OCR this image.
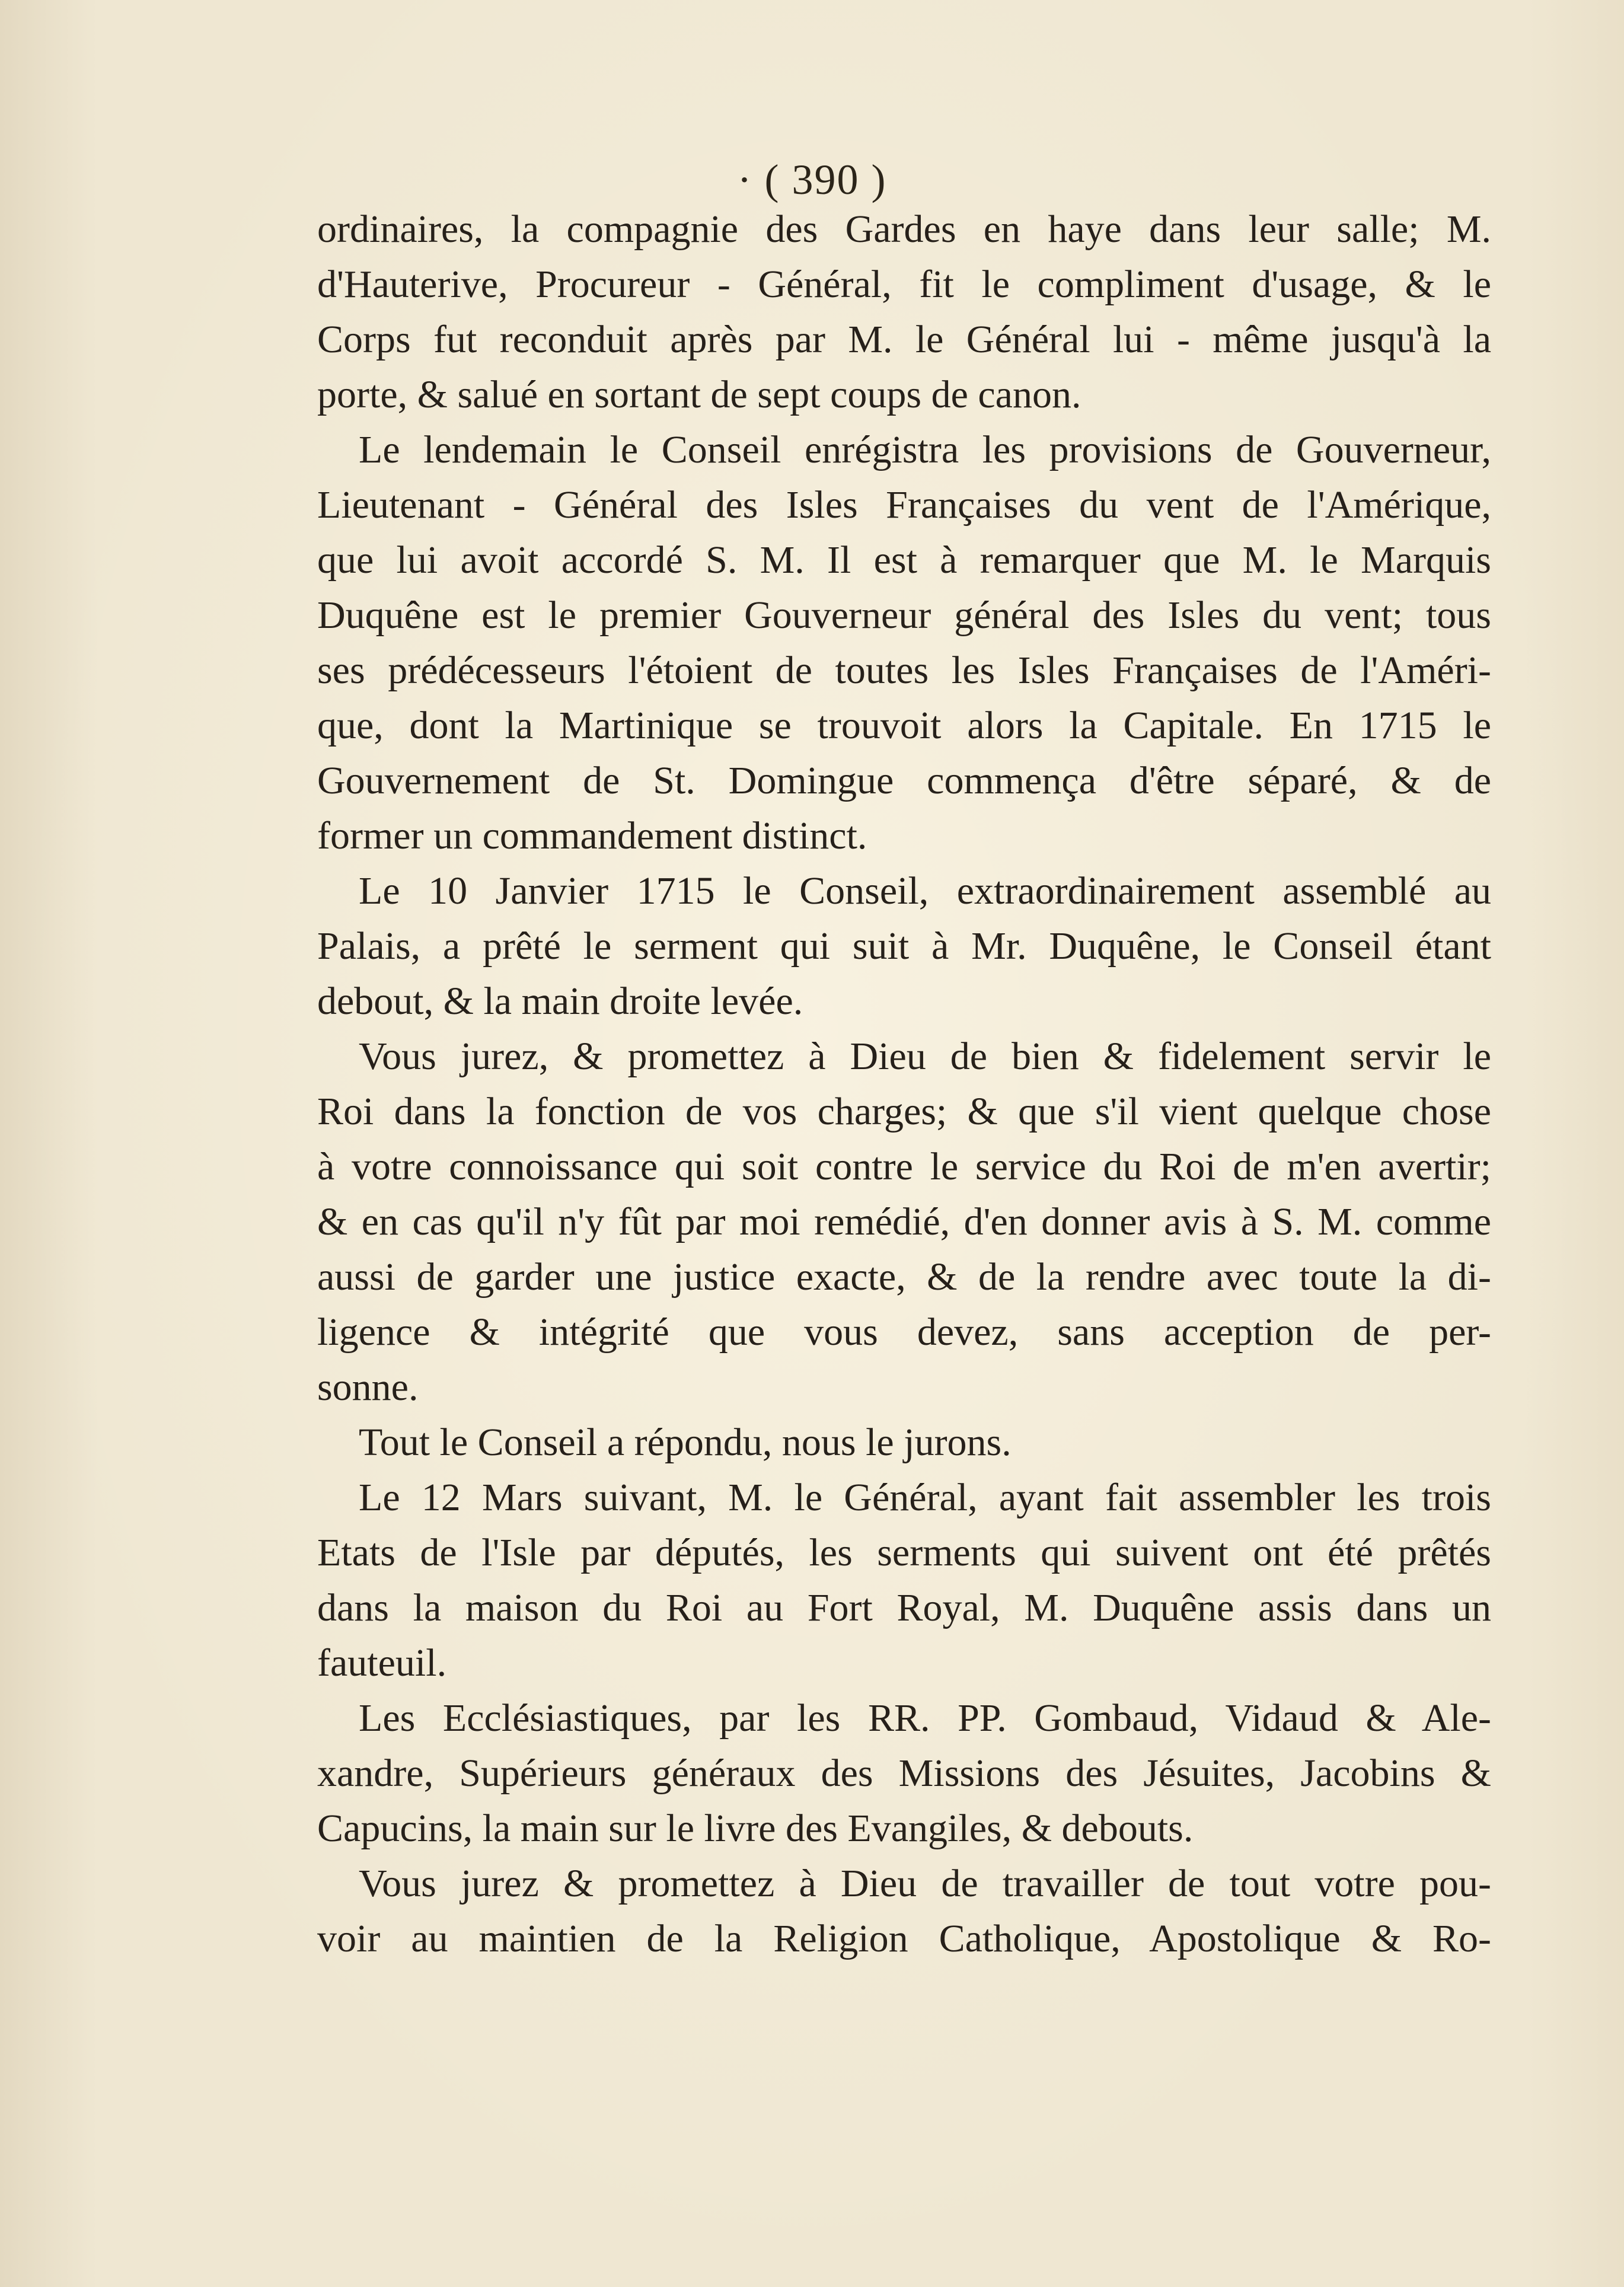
· ( 390 )
ordinaires, la compagnie des Gardes en haye dans leur salle; M.
d'Hauterive, Procureur - Général, fit le compliment d'usage, & le
Corps fut reconduit après par M. le Général lui - même jusqu'à la
porte, & salué en sortant de sept coups de canon.
Le lendemain le Conseil enrégistra les provisions de Gouverneur,
Lieutenant - Général des Isles Françaises du vent de l'Amérique,
que lui avoit accordé S. M. Il est à remarquer que M. le Marquis
Duquêne est le premier Gouverneur général des Isles du vent; tous
ses prédécesseurs l'étoient de toutes les Isles Françaises de l'Améri-
que, dont la Martinique se trouvoit alors la Capitale. En 1715 le
Gouvernement de St. Domingue commença d'être séparé, & de
former un commandement distinct.
Le 10 Janvier 1715 le Conseil, extraordinairement assemblé au
Palais, a prêté le serment qui suit à Mr. Duquêne, le Conseil étant
debout, & la main droite levée.
Vous jurez, & promettez à Dieu de bien & fidelement servir le
Roi dans la fonction de vos charges; & que s'il vient quelque chose
à votre connoissance qui soit contre le service du Roi de m'en avertir;
& en cas qu'il n'y fût par moi remédié, d'en donner avis à S. M. comme
aussi de garder une justice exacte, & de la rendre avec toute la di-
ligence & intégrité que vous devez, sans acception de per-
sonne.
Tout le Conseil a répondu, nous le jurons.
Le 12 Mars suivant, M. le Général, ayant fait assembler les trois
Etats de l'Isle par députés, les serments qui suivent ont été prêtés
dans la maison du Roi au Fort Royal, M. Duquêne assis dans un
fauteuil.
Les Ecclésiastiques, par les RR. PP. Gombaud, Vidaud & Ale-
xandre, Supérieurs généraux des Missions des Jésuites, Jacobins &
Capucins, la main sur le livre des Evangiles, & debouts.
Vous jurez & promettez à Dieu de travailler de tout votre pou-
voir au maintien de la Religion Catholique, Apostolique & Ro-
